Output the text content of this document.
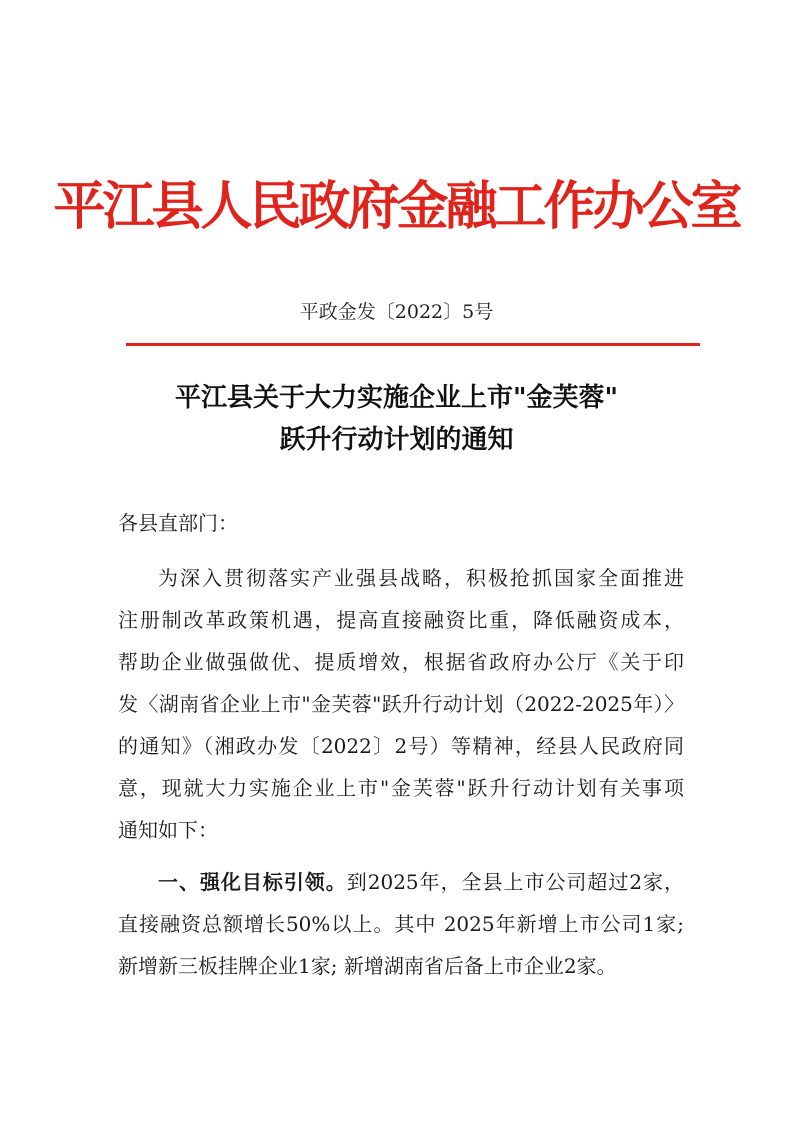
平江县人民政府金融工作办公室
平政金发〔2022〕5号
平江县关于大力实施企业上市"金芙蓉"
跃升行动计划的通知
各县直部门：
为深入贯彻落实产业强县战略，积极抢抓国家全面推进
注册制改革政策机遇，提高直接融资比重，降低融资成本，
帮助企业做强做优、提质增效，根据省政府办公厅《关于印
发〈湖南省企业上市"金芙蓉"跃升行动计划（2022-2025年）〉
的通知》（湘政办发〔2022〕2号）等精神，经县人民政府同
意，现就大力实施企业上市"金芙蓉"跃升行动计划有关事项
通知如下：
一、强化目标引领。到2025年，全县上市公司超过2家，
直接融资总额增长50%以上。其中 2025年新增上市公司1家;
新增新三板挂牌企业1家; 新增湖南省后备上市企业2家。
